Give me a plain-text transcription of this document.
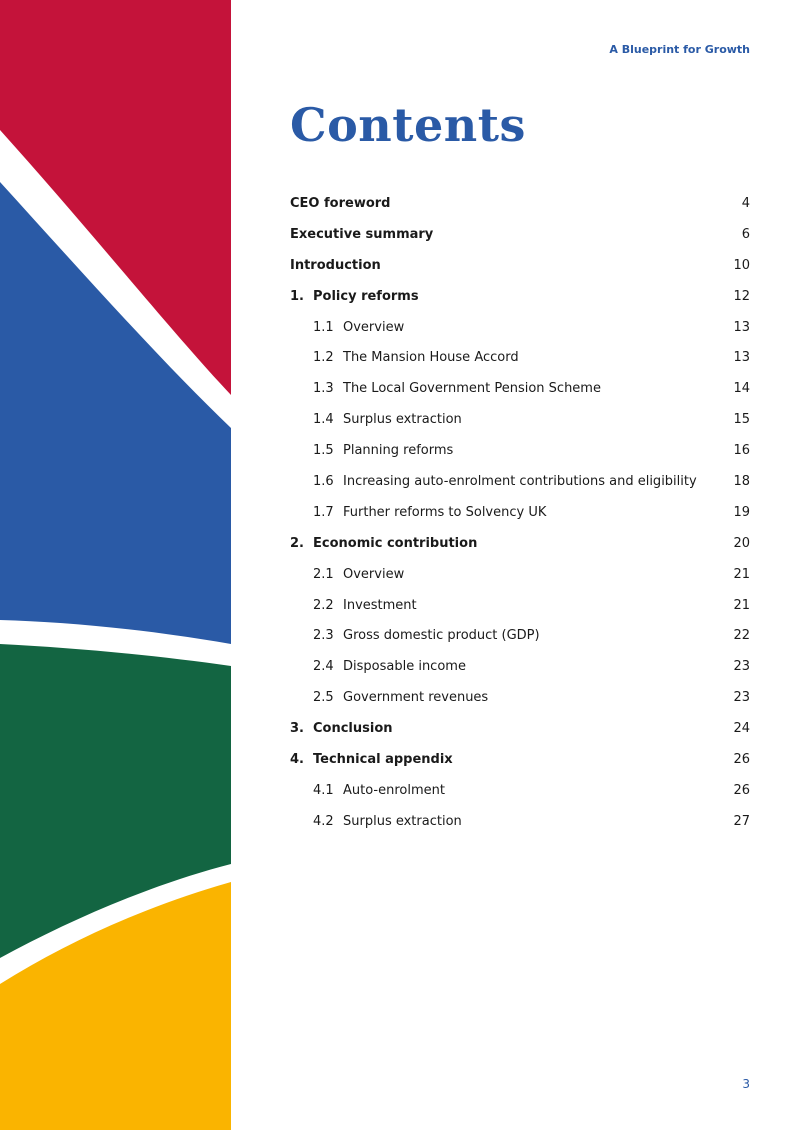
A Blueprint for Growth

Contents
CEO foreword	4
Executive summary	6
Introduction	10
1. Policy reforms	12
1.1 Overview	13
1.2 The Mansion House Accord	13
1.3 The Local Government Pension Scheme	14
1.4 Surplus extraction	15
1.5 Planning reforms	16
1.6 Increasing auto-enrolment contributions and eligibility	18
1.7 Further reforms to Solvency UK	19
2. Economic contribution	20
2.1 Overview	21
2.2 Investment	21
2.3 Gross domestic product (GDP)	22
2.4 Disposable income	23
2.5 Government revenues	23
3. Conclusion	24
4. Technical appendix	26
4.1 Auto-enrolment	26
4.2 Surplus extraction	27

3
